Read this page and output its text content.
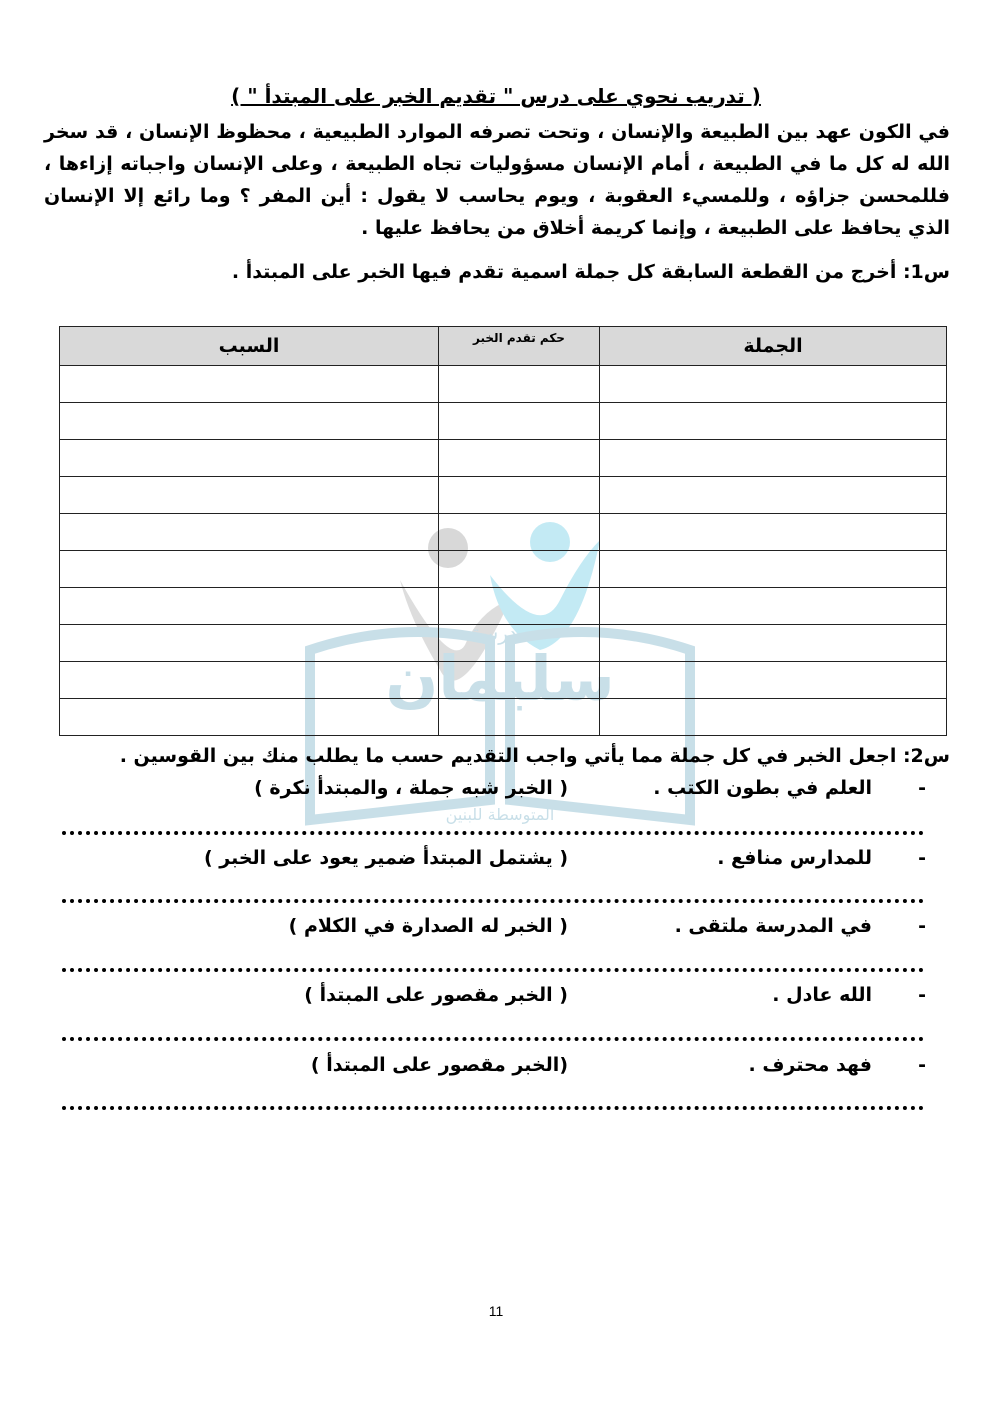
مدرسة
سليمان
المتوسطة للبنين
( تدريب نحوي على درس " تقديم الخبر على المبتدأ " )
في الكون عهد بين الطبيعة والإنسان ، وتحت تصرفه الموارد الطبيعية ، محظوظ الإنسان ، قد سخر الله له كل ما في الطبيعة ، أمام الإنسان مسؤوليات تجاه الطبيعة ، وعلى الإنسان واجباته إزاءها ، فللمحسن جزاؤه ، وللمسيء العقوبة ، ويوم يحاسب لا يقول : أين المفر ؟ وما رائع إلا الإنسان الذي يحافظ على الطبيعة ، وإنما كريمة أخلاق من يحافظ عليها .
س1: أخرج من القطعة السابقة كل جملة اسمية تقدم فيها الخبر على المبتدأ .
الجملة	حكم تقدم الخبر	السبب

س2: اجعل الخبر في كل جملة مما يأتي واجب التقديم حسب ما يطلب منك بين القوسين .
-
العلم في بطون الكتب .
( الخبر شبه جملة ، والمبتدأ نكرة )
-
للمدارس منافع .
( يشتمل المبتدأ ضمير يعود على الخبر )
-
في المدرسة ملتقى .
( الخبر له الصدارة في الكلام )
-
الله عادل .
( الخبر مقصور على المبتدأ )
-
فهد محترف .
(الخبر مقصور على المبتدأ )
11
